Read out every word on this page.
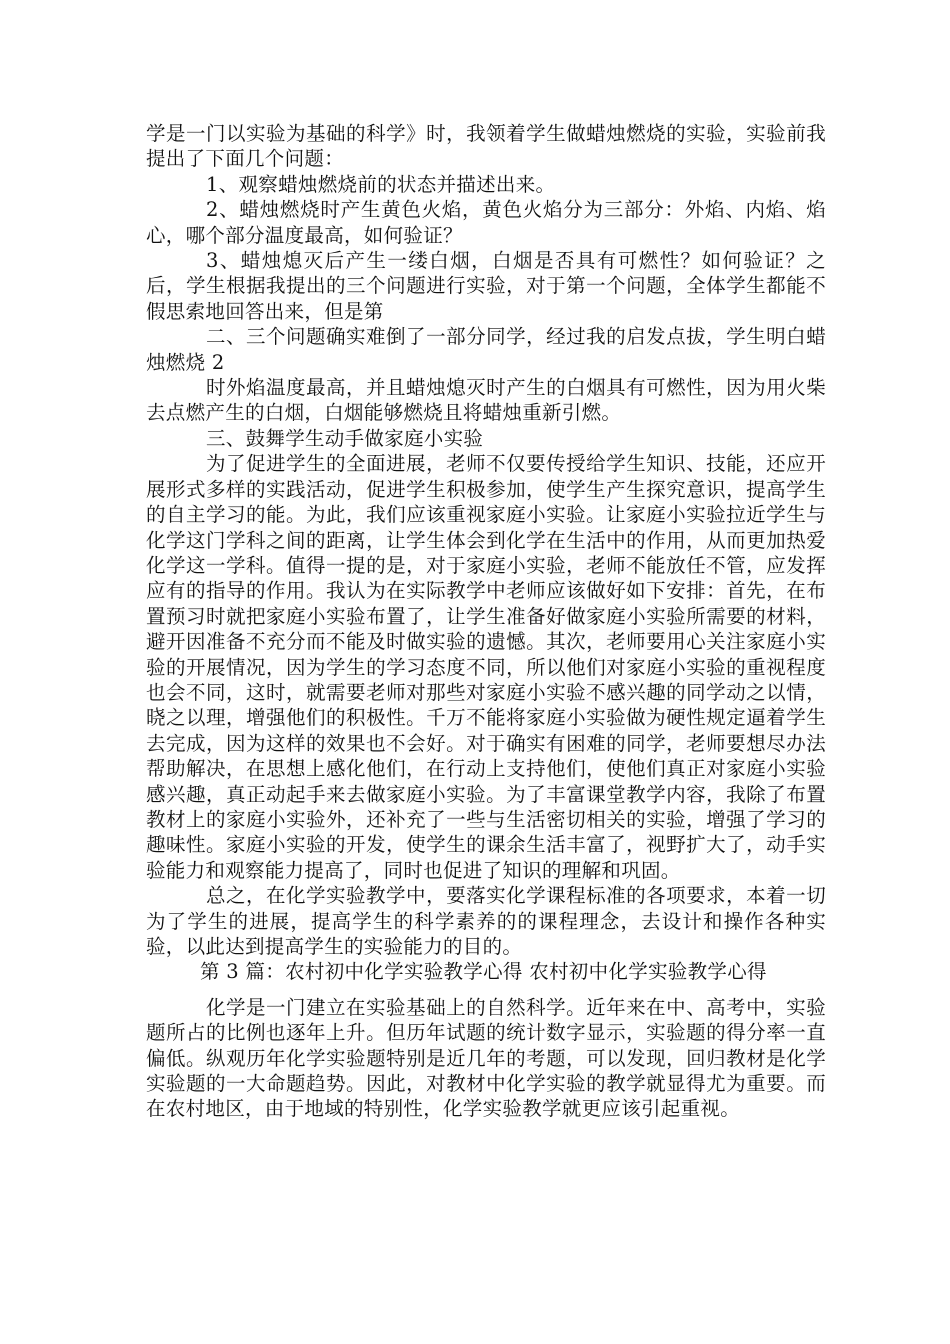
学是一门以实验为基础的科学》时，我领着学生做蜡烛燃烧的实验，实验前我提出了下面几个问题：

1、观察蜡烛燃烧前的状态并描述出来。

2、蜡烛燃烧时产生黄色火焰，黄色火焰分为三部分：外焰、内焰、焰心，哪个部分温度最高，如何验证？

3、蜡烛熄灭后产生一缕白烟，白烟是否具有可燃性？如何验证？之后，学生根据我提出的三个问题进行实验，对于第一个问题，全体学生都能不假思索地回答出来，但是第

二、三个问题确实难倒了一部分同学，经过我的启发点拔，学生明白蜡烛燃烧 2

时外焰温度最高，并且蜡烛熄灭时产生的白烟具有可燃性，因为用火柴去点燃产生的白烟，白烟能够燃烧且将蜡烛重新引燃。

三、鼓舞学生动手做家庭小实验

为了促进学生的全面进展，老师不仅要传授给学生知识、技能，还应开展形式多样的实践活动，促进学生积极参加，使学生产生探究意识，提高学生的自主学习的能。为此，我们应该重视家庭小实验。让家庭小实验拉近学生与化学这门学科之间的距离，让学生体会到化学在生活中的作用，从而更加热爱化学这一学科。值得一提的是，对于家庭小实验，老师不能放任不管，应发挥应有的指导的作用。我认为在实际教学中老师应该做好如下安排：首先，在布置预习时就把家庭小实验布置了，让学生准备好做家庭小实验所需要的材料，避开因准备不充分而不能及时做实验的遗憾。其次，老师要用心关注家庭小实验的开展情况，因为学生的学习态度不同，所以他们对家庭小实验的重视程度也会不同，这时，就需要老师对那些对家庭小实验不感兴趣的同学动之以情，晓之以理，增强他们的积极性。千万不能将家庭小实验做为硬性规定逼着学生去完成，因为这样的效果也不会好。对于确实有困难的同学，老师要想尽办法帮助解决，在思想上感化他们，在行动上支持他们，使他们真正对家庭小实验感兴趣，真正动起手来去做家庭小实验。为了丰富课堂教学内容，我除了布置教材上的家庭小实验外，还补充了一些与生活密切相关的实验，增强了学习的趣味性。家庭小实验的开发，使学生的课余生活丰富了，视野扩大了，动手实验能力和观察能力提高了，同时也促进了知识的理解和巩固。

总之，在化学实验教学中，要落实化学课程标准的各项要求，本着一切为了学生的进展，提高学生的科学素养的的课程理念，去设计和操作各种实验，以此达到提高学生的实验能力的目的。

第 3 篇：农村初中化学实验教学心得 农村初中化学实验教学心得

化学是一门建立在实验基础上的自然科学。近年来在中、高考中，实验题所占的比例也逐年上升。但历年试题的统计数字显示，实验题的得分率一直偏低。纵观历年化学实验题特别是近几年的考题，可以发现，回归教材是化学实验题的一大命题趋势。因此，对教材中化学实验的教学就显得尤为重要。而在农村地区，由于地域的特别性，化学实验教学就更应该引起重视。
